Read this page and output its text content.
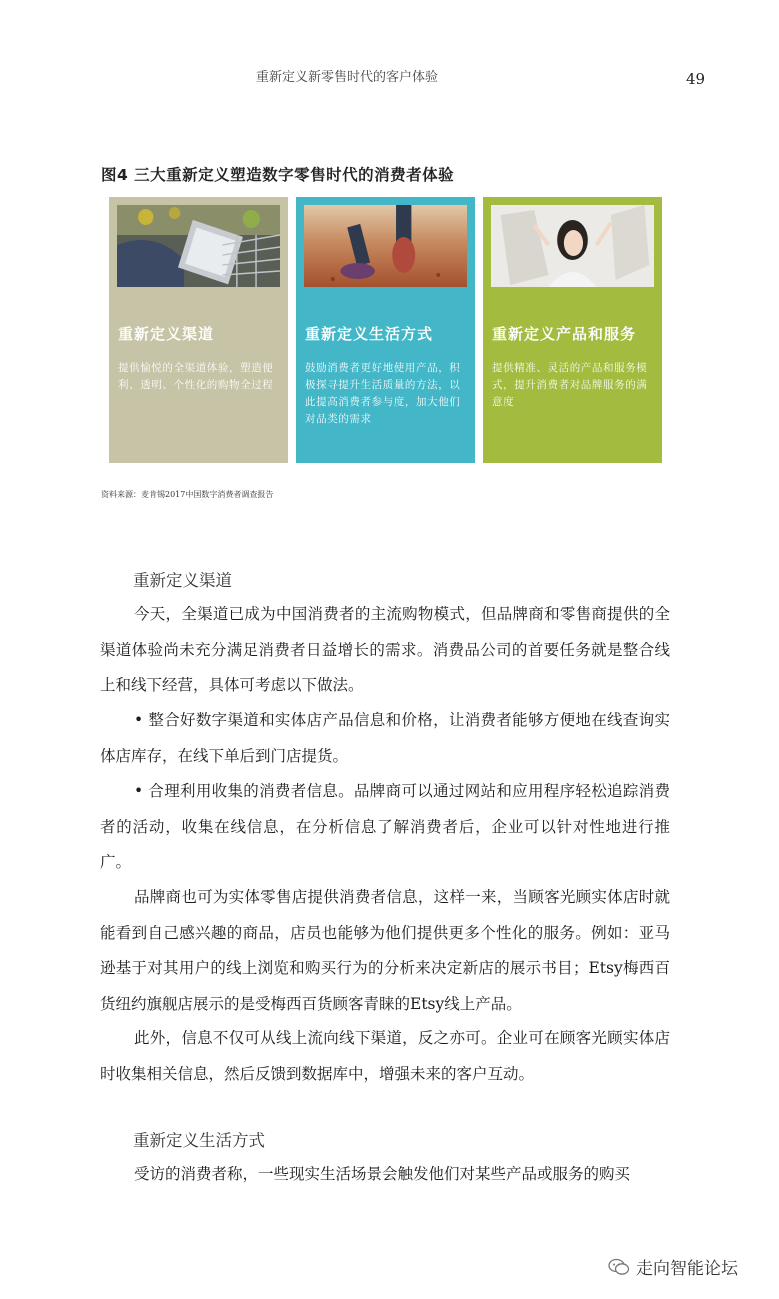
重新定义新零售时代的客户体验	49
图4 三大重新定义塑造数字零售时代的消费者体验
重新定义渠道
提供愉悦的全渠道体验，塑造便利、透明、个性化的购物全过程
重新定义生活方式
鼓励消费者更好地使用产品，积极探寻提升生活质量的方法，以此提高消费者参与度，加大他们对品类的需求
重新定义产品和服务
提供精准、灵活的产品和服务模式，提升消费者对品牌服务的满意度
资料来源：麦肯锡2017中国数字消费者调查报告
重新定义渠道
今天，全渠道已成为中国消费者的主流购物模式，但品牌商和零售商提供的全渠道体验尚未充分满足消费者日益增长的需求。消费品公司的首要任务就是整合线上和线下经营，具体可考虑以下做法。
• 整合好数字渠道和实体店产品信息和价格，让消费者能够方便地在线查询实体店库存，在线下单后到门店提货。
• 合理利用收集的消费者信息。品牌商可以通过网站和应用程序轻松追踪消费者的活动，收集在线信息，在分析信息了解消费者后，企业可以针对性地进行推广。
品牌商也可为实体零售店提供消费者信息，这样一来，当顾客光顾实体店时就能看到自己感兴趣的商品，店员也能够为他们提供更多个性化的服务。例如：亚马逊基于对其用户的线上浏览和购买行为的分析来决定新店的展示书目；Etsy梅西百货纽约旗舰店展示的是受梅西百货顾客青睐的Etsy线上产品。
此外，信息不仅可从线上流向线下渠道，反之亦可。企业可在顾客光顾实体店时收集相关信息，然后反馈到数据库中，增强未来的客户互动。
重新定义生活方式
受访的消费者称，一些现实生活场景会触发他们对某些产品或服务的购买
走向智能论坛
